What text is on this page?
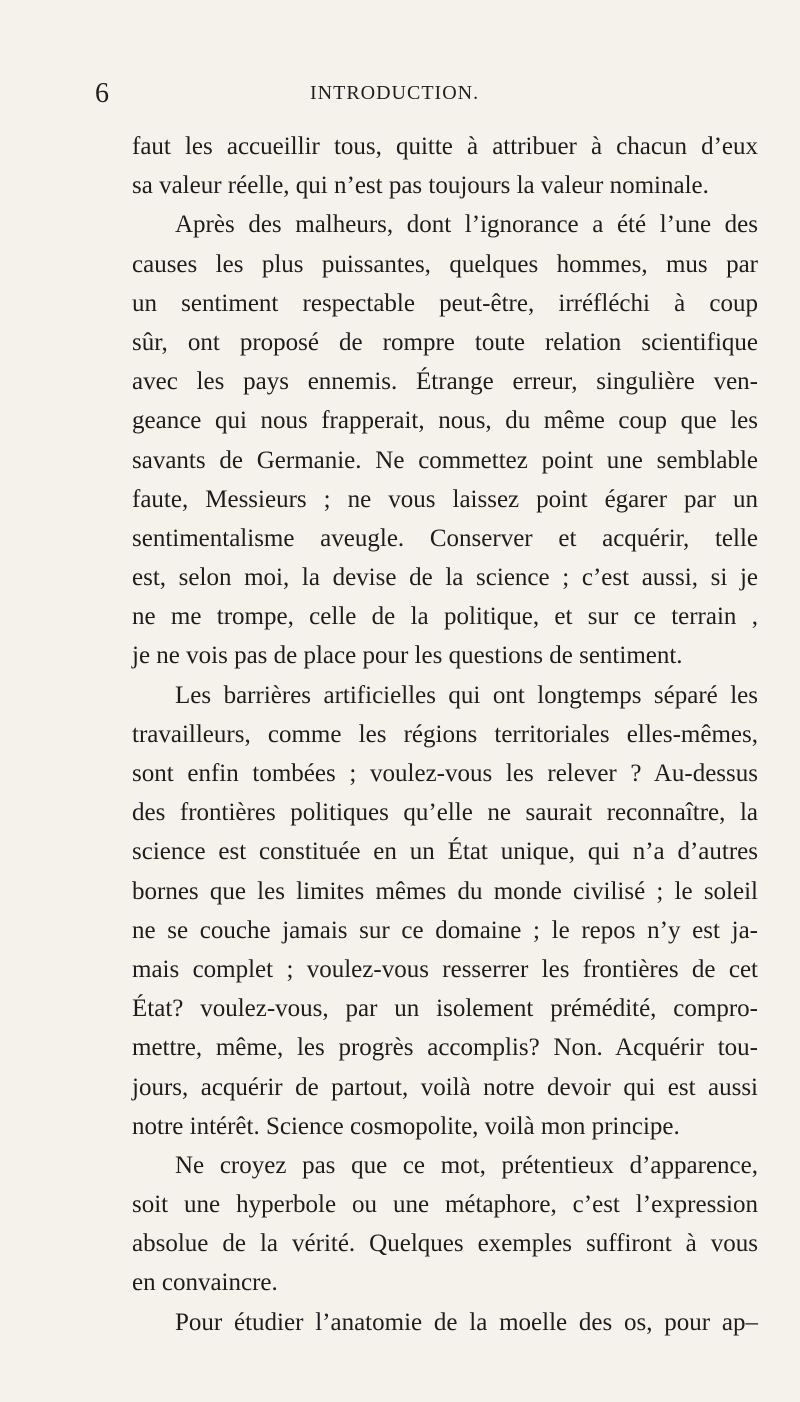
6	INTRODUCTION.
faut les accueillir tous, quitte à attribuer à chacun d’eux
sa valeur réelle, qui n’est pas toujours la valeur nominale.
Après des malheurs, dont l’ignorance a été l’une des
causes les plus puissantes, quelques hommes, mus par
un sentiment respectable peut-être, irréfléchi à coup
sûr, ont proposé de rompre toute relation scientifique
avec les pays ennemis. Étrange erreur, singulière ven-
geance qui nous frapperait, nous, du même coup que les
savants de Germanie. Ne commettez point une semblable
faute, Messieurs ; ne vous laissez point égarer par un
sentimentalisme aveugle. Conserver et acquérir, telle
est, selon moi, la devise de la science ; c’est aussi, si je
ne me trompe, celle de la politique, et sur ce terrain ,
je ne vois pas de place pour les questions de sentiment.
Les barrières artificielles qui ont longtemps séparé les
travailleurs, comme les régions territoriales elles-mêmes,
sont enfin tombées ; voulez-vous les relever ? Au-dessus
des frontières politiques qu’elle ne saurait reconnaître, la
science est constituée en un État unique, qui n’a d’autres
bornes que les limites mêmes du monde civilisé ; le soleil
ne se couche jamais sur ce domaine ; le repos n’y est ja-
mais complet ; voulez-vous resserrer les frontières de cet
État? voulez-vous, par un isolement prémédité, compro-
mettre, même, les progrès accomplis? Non. Acquérir tou-
jours, acquérir de partout, voilà notre devoir qui est aussi
notre intérêt. Science cosmopolite, voilà mon principe.
Ne croyez pas que ce mot, prétentieux d’apparence,
soit une hyperbole ou une métaphore, c’est l’expression
absolue de la vérité. Quelques exemples suffiront à vous
en convaincre.
Pour étudier l’anatomie de la moelle des os, pour ap–
